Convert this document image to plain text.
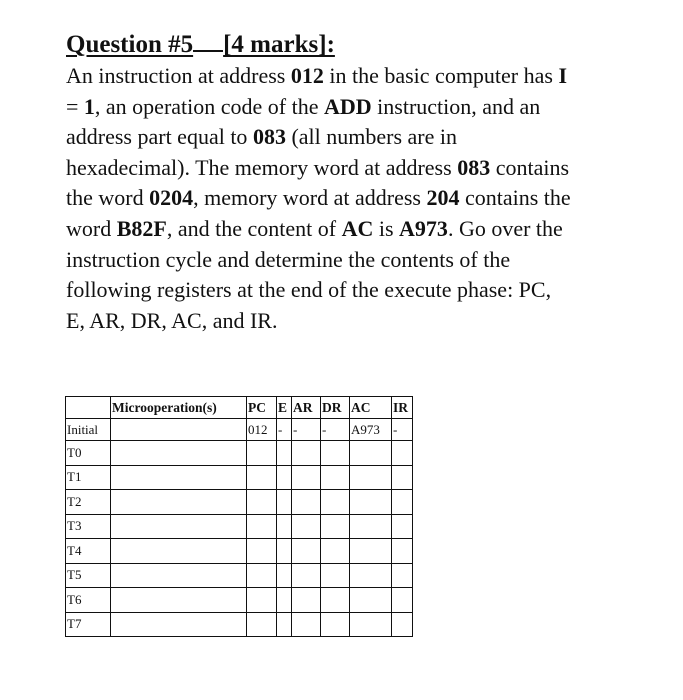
Question #5 [4 marks]:
An instruction at address 012 in the basic computer has I
= 1, an operation code of the ADD instruction, and an
address part equal to 083 (all numbers are in
hexadecimal). The memory word at address 083 contains
the word 0204, memory word at address 204 contains the
word B82F, and the content of AC is A973. Go over the
instruction cycle and determine the contents of the
following registers at the end of the execute phase: PC,
E, AR, DR, AC, and IR.
	Microoperation(s)	PC	E	AR	DR	AC	IR
Initial		012	-	-	-	A973	-
T0							
T1							
T2							
T3							
T4							
T5							
T6							
T7							
